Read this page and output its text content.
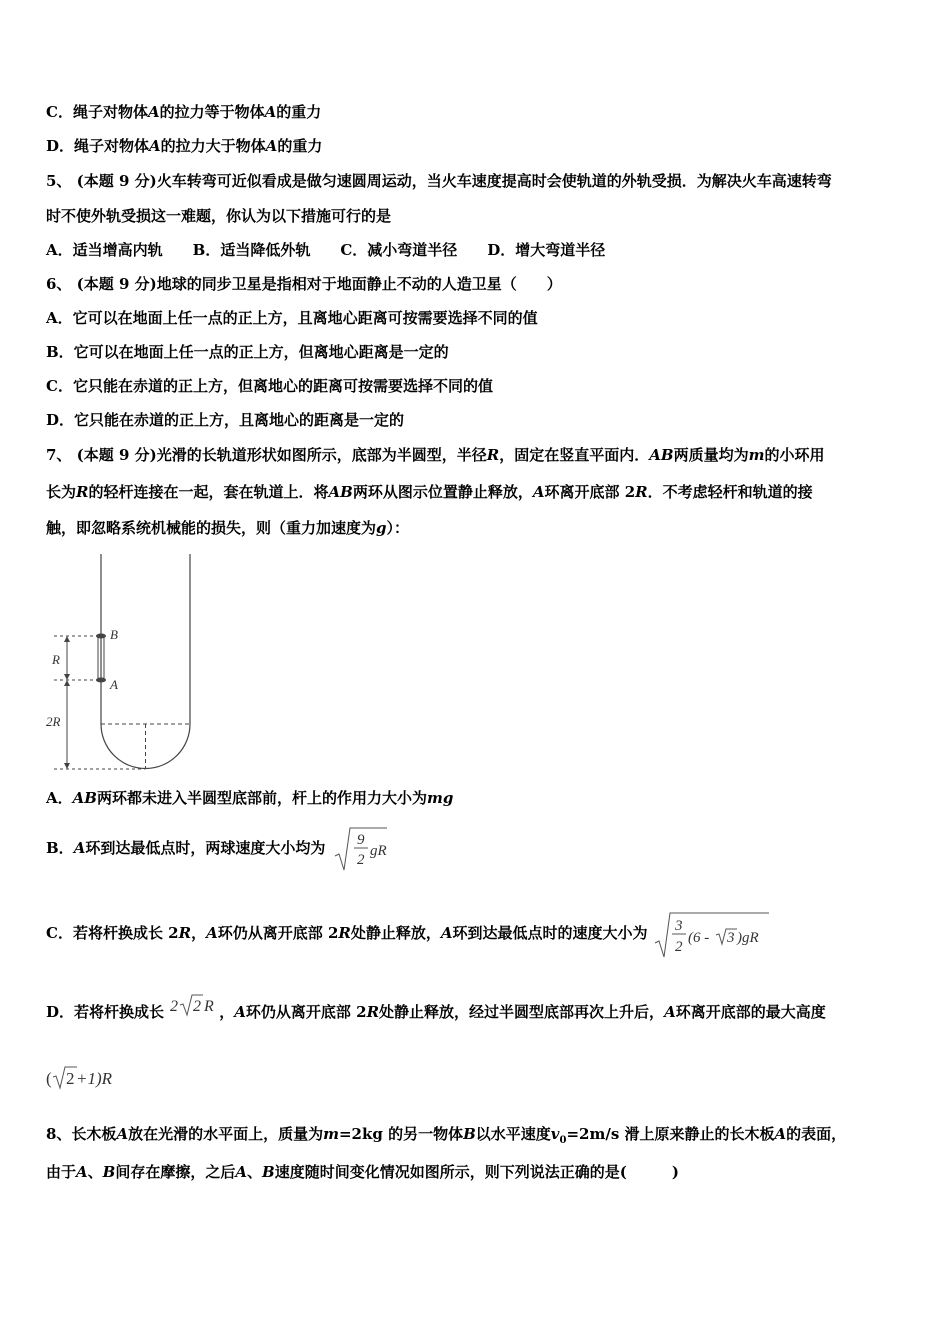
C．绳子对物体A的拉力等于物体A的重力
D．绳子对物体A的拉力大于物体A的重力
5、 (本题 9 分)火车转弯可近似看成是做匀速圆周运动，当火车速度提高时会使轨道的外轨受损．为解决火车高速转弯
时不使外轨受损这一难题，你认为以下措施可行的是
A．适当增高内轨　　B．适当降低外轨　　C．减小弯道半径　　D．增大弯道半径
6、 (本题 9 分)地球的同步卫星是指相对于地面静止不动的人造卫星（　　）
A．它可以在地面上任一点的正上方，且离地心距离可按需要选择不同的值
B．它可以在地面上任一点的正上方，但离地心距离是一定的
C．它只能在赤道的正上方，但离地心的距离可按需要选择不同的值
D．它只能在赤道的正上方，且离地心的距离是一定的
7、 (本题 9 分)光滑的长轨道形状如图所示，底部为半圆型，半径R，固定在竖直平面内．AB两质量均为m的小环用
长为R的轻杆连接在一起，套在轨道上．将AB两环从图示位置静止释放，A环离开底部 2R．不考虑轻杆和轨道的接
触，即忽略系统机械能的损失，则（重力加速度为g）：
B
A
R
2R
A．AB两环都未进入半圆型底部前，杆上的作用力大小为mg
B．A环到达最低点时，两球速度大小均为 9
2
gR
C．若将杆换成长 2R，A环仍从离开底部 2R处静止释放，A环到达最低点时的速度大小为 3
2
(6 - 3 )gR
D．若将杆换成长 2 2 R ，A环仍从离开底部 2R处静止释放，经过半圆型底部再次上升后，A环离开底部的最大高度
( 2 +1)R
8、长木板A放在光滑的水平面上，质量为m=2kg 的另一物体B以水平速度$v_0=2m/s$ 滑上原来静止的长木板A的表面，
由于A、B间存在摩擦，之后A、B速度随时间变化情况如图所示，则下列说法正确的是(　　　)
